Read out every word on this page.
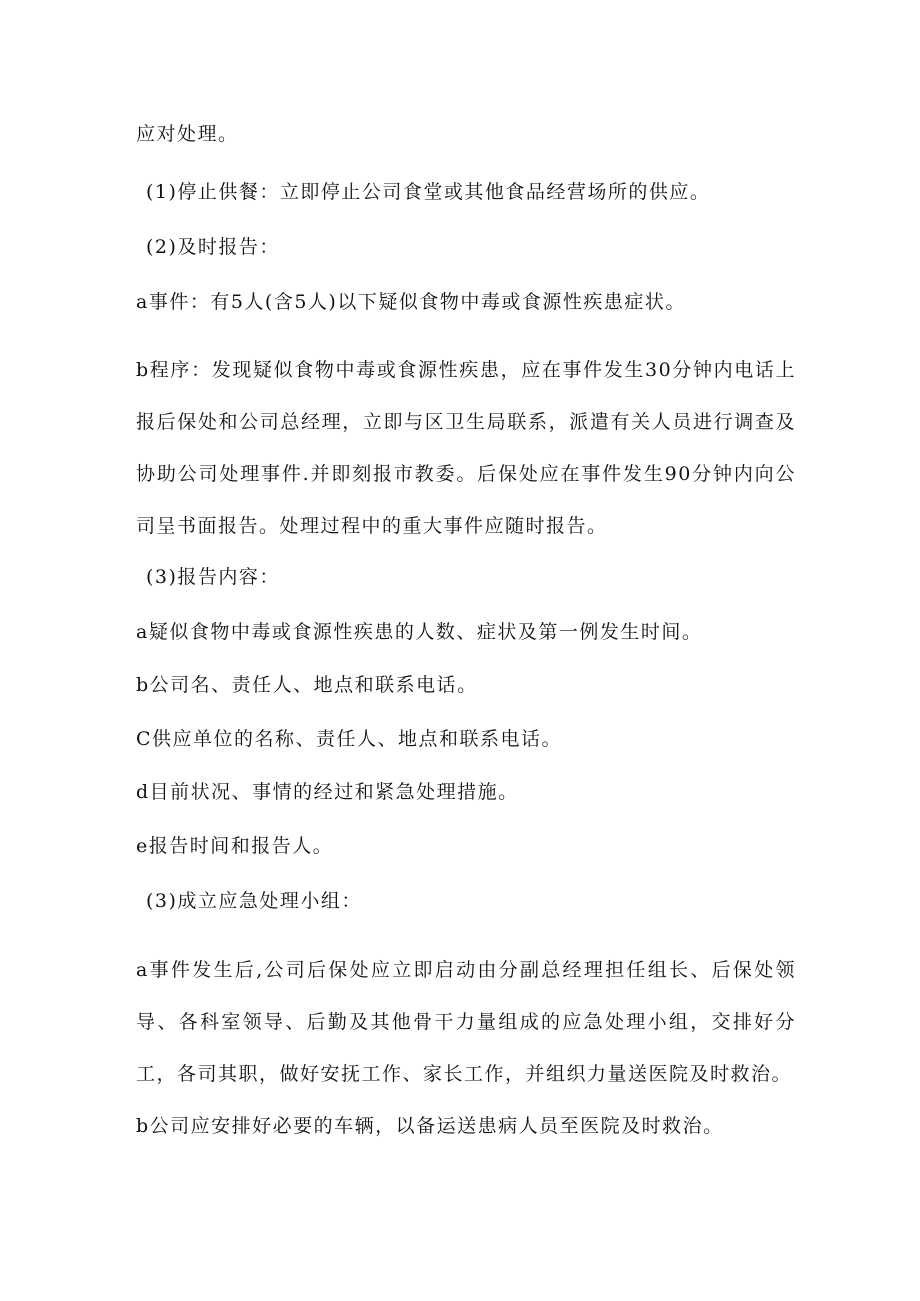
应对处理。
(1)停止供餐：立即停止公司食堂或其他食品经营场所的供应。
(2)及时报告：
a事件：有5人(含5人)以下疑似食物中毒或食源性疾患症状。
b程序：发现疑似食物中毒或食源性疾患，应在事件发生30分钟内电话上报后保处和公司总经理，立即与区卫生局联系，派遣有关人员进行调查及协助公司处理事件.并即刻报市教委。后保处应在事件发生90分钟内向公司呈书面报告。处理过程中的重大事件应随时报告。
(3)报告内容：
a疑似食物中毒或食源性疾患的人数、症状及第一例发生时间。
b公司名、责任人、地点和联系电话。
C供应单位的名称、责任人、地点和联系电话。
d目前状况、事情的经过和紧急处理措施。
e报告时间和报告人。
(3)成立应急处理小组：
a事件发生后,公司后保处应立即启动由分副总经理担任组长、后保处领导、各科室领导、后勤及其他骨干力量组成的应急处理小组，交排好分工，各司其职，做好安抚工作、家长工作，并组织力量送医院及时救治。
b公司应安排好必要的车辆，以备运送患病人员至医院及时救治。
